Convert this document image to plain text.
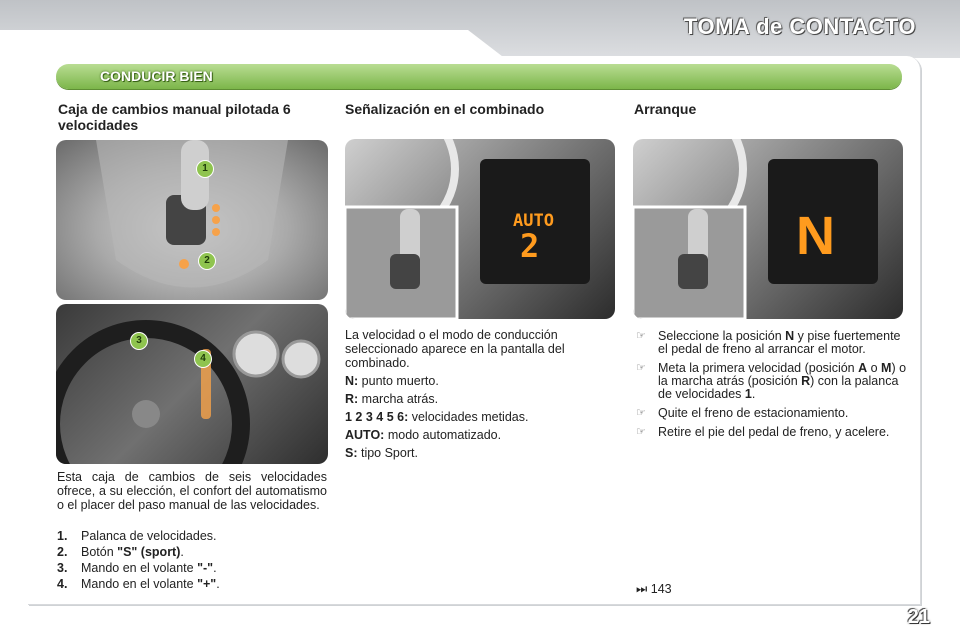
TOMA de CONTACTO
CONDUCIR BIEN
Caja de cambios manual pilotada 6 velocidades
1
2
3
4
Esta caja de cambios de seis velocidades ofrece, a su elección, el confort del automatismo o el placer del paso manual de las velocidades.
1.	Palanca de velocidades.
2.	Botón "S" (sport).
3.	Mando en el volante "-".
4.	Mando en el volante "+".
Señalización en el combinado
AUTO
2

La velocidad o el modo de conducción seleccionado aparece en la pantalla del combinado.

N: punto muerto.

R: marcha atrás.

1 2 3 4 5 6: velocidades metidas.

AUTO: modo automatizado.

S: tipo Sport.

Arranque
N
☞ Seleccione la posición N y pise fuertemente el pedal de freno al arrancar el motor.
☞ Meta la primera velocidad (posición A o M) o la marcha atrás (posición R) con la palanca de velocidades 1.
☞ Quite el freno de estacionamiento.
☞ Retire el pie del pedal de freno, y acelere.
⏭ 143
21
